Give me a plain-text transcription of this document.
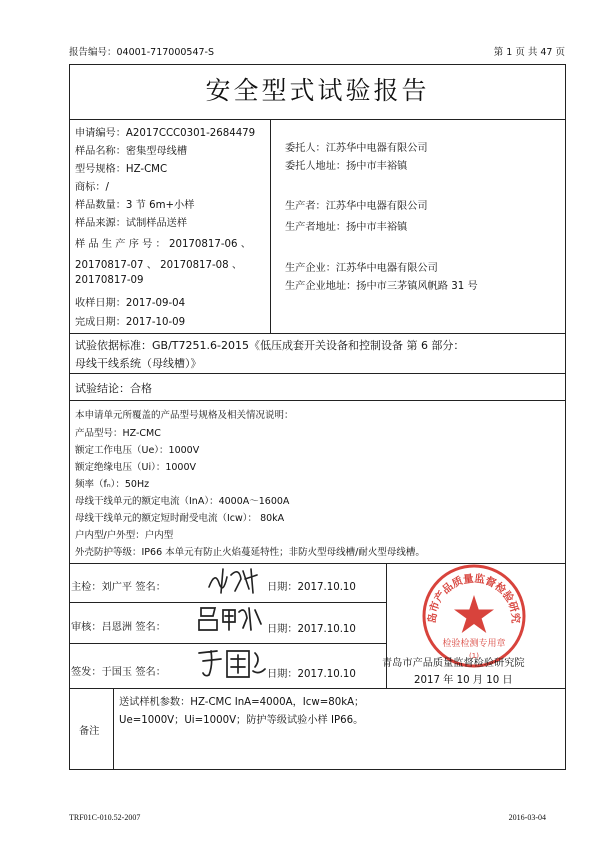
报告编号：04001-717000547-S	第 1 页 共 47 页
安全型式试验报告
申请编号：A2017CCC0301-2684479
样品名称：密集型母线槽
型号规格：HZ-CMC
商标：/
样品数量：3 节 6m+小样
样品来源：试制样品送样
样 品 生 产 序 号 ： 20170817-06 、
20170817-07 、 20170817-08 、
20170817-09
收样日期：2017-09-04
完成日期：2017-10-09
委托人：江苏华中电器有限公司
委托人地址：扬中市丰裕镇
生产者：江苏华中电器有限公司
生产者地址：扬中市丰裕镇
生产企业：江苏华中电器有限公司
生产企业地址：扬中市三茅镇风帆路 31 号
试验依据标准：GB/T7251.6-2015《低压成套开关设备和控制设备 第 6 部分：
母线干线系统（母线槽）》
试验结论：合格
本申请单元所覆盖的产品型号规格及相关情况说明：
产品型号：HZ-CMC
额定工作电压（Ue）：1000V
额定绝缘电压（Ui）：1000V
频率（fₙ）：50Hz
母线干线单元的额定电流（InA）：4000A～1600A
母线干线单元的额定短时耐受电流（Icw）： 80kA
户内型/户外型：户内型
外壳防护等级：IP66 本单元有防止火焰蔓延特性；非防火型母线槽/耐火型母线槽。
主检：刘广平 签名：	日期：2017.10.10
审核：吕恩洲 签名：	日期：2017.10.10
签发：于国玉 签名：	日期：2017.10.10
岛市产品质量监督检验研究
检验检测专用章
(1)
青岛市产品质量监督检验研究院
2017 年 10 月 10 日
备注
送试样机参数：HZ-CMC InA=4000A，Icw=80kA；
Ue=1000V；Ui=1000V；防护等级试验小样 IP66。
TRF01C-010.52-2007	2016-03-04
